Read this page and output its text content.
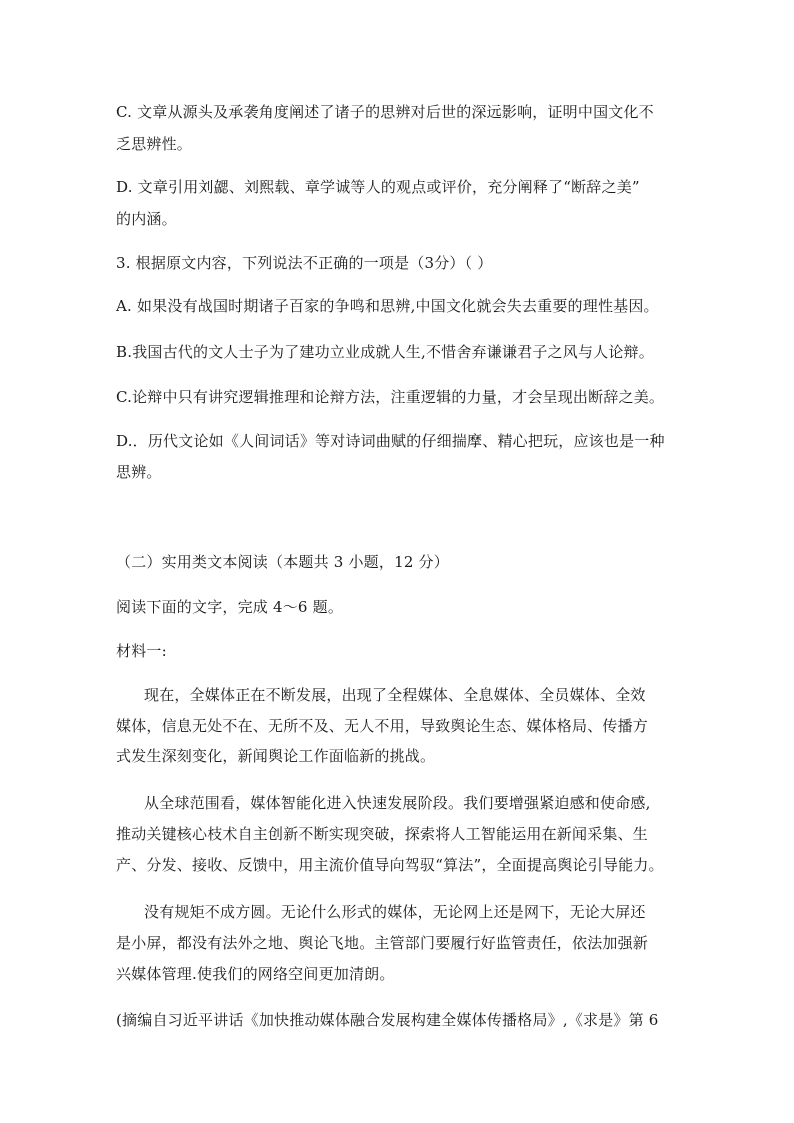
C. 文章从源头及承袭角度阐述了诸子的思辨对后世的深远影响，证明中国文化不
乏思辨性。
D. 文章引用刘勰、刘熙载、章学诚等人的观点或评价，充分阐释了“断辞之美”
的内涵。
3. 根据原文内容，下列说法不正确的一项是（3分）（ ）
A. 如果没有战国时期诸子百家的争鸣和思辨,中国文化就会失去重要的理性基因。
B.我国古代的文人士子为了建功立业成就人生,不惜舍弃谦谦君子之风与人论辩。
C.论辩中只有讲究逻辑推理和论辩方法，注重逻辑的力量，才会呈现出断辞之美。
D.．历代文论如《人间词话》等对诗词曲赋的仔细揣摩、精心把玩，应该也是一种
思辨。
（二）实用类文本阅读（本题共 3 小题，12 分）
阅读下面的文字，完成 4～6 题。
材料一:
现在，全媒体正在不断发展，出现了全程媒体、全息媒体、全员媒体、全效
媒体，信息无处不在、无所不及、无人不用，导致舆论生态、媒体格局、传播方
式发生深刻变化，新闻舆论工作面临新的挑战。
从全球范围看，媒体智能化进入快速发展阶段。我们要增强紧迫感和使命感,
推动关键核心枝术自主创新不断实现突破，探索将人工智能运用在新闻采集、生
产、分发、接收、反馈中，用主流价值导向驾驭“算法”，全面提高舆论引导能力。
没有规矩不成方圆。无论什么形式的媒体，无论网上还是网下，无论大屏还
是小屏，都没有法外之地、舆论飞地。主管部门要履行好监管责任，依法加强新
兴媒体管理.使我们的网络空间更加清朗。
(摘编自习近平讲话《加快推动媒体融合发展构建全媒体传播格局》,《求是》第 6
